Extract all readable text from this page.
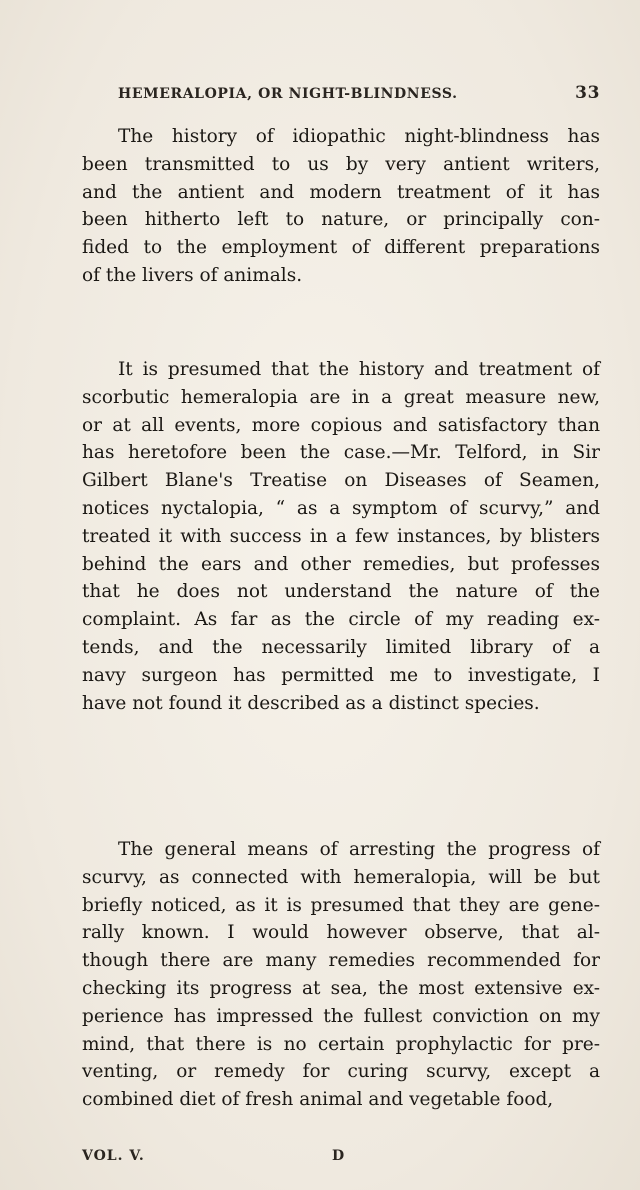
HEMERALOPIA, OR NIGHT-BLINDNESS.	33
The history of idiopathic night-blindness has
been transmitted to us by very antient writers,
and the antient and modern treatment of it has
been hitherto left to nature, or principally con-
fided to the employment of different preparations
of the livers of animals.
It is presumed that the history and treatment of
scorbutic hemeralopia are in a great measure new,
or at all events, more copious and satisfactory than
has heretofore been the case.—Mr. Telford, in Sir
Gilbert Blane's Treatise on Diseases of Seamen,
notices nyctalopia, “ as a symptom of scurvy,” and
treated it with success in a few instances, by blisters
behind the ears and other remedies, but professes
that he does not understand the nature of the
complaint. As far as the circle of my reading ex-
tends, and the necessarily limited library of a
navy surgeon has permitted me to investigate, I
have not found it described as a distinct species.
The general means of arresting the progress of
scurvy, as connected with hemeralopia, will be but
briefly noticed, as it is presumed that they are gene-
rally known. I would however observe, that al-
though there are many remedies recommended for
checking its progress at sea, the most extensive ex-
perience has impressed the fullest conviction on my
mind, that there is no certain prophylactic for pre-
venting, or remedy for curing scurvy, except a
combined diet of fresh animal and vegetable food,
VOL. V.	D
